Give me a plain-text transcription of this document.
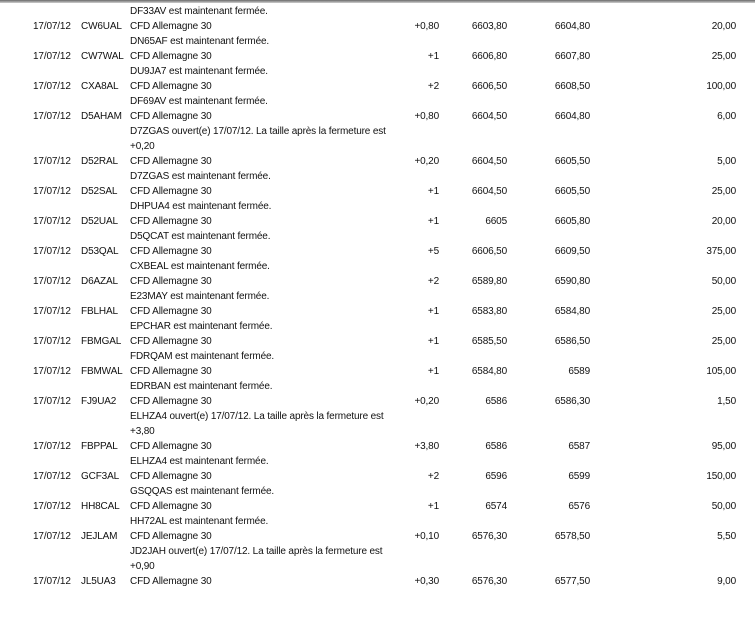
DF33AV est maintenant fermée.
17/07/12 CW6UAL CFD Allemagne 30	+0,80	6603,80	6604,80	20,00
DN65AF est maintenant fermée.
17/07/12 CW7WAL CFD Allemagne 30	+1	6606,80	6607,80	25,00
DU9JA7 est maintenant fermée.
17/07/12 CXA8AL CFD Allemagne 30	+2	6606,50	6608,50	100,00
DF69AV est maintenant fermée.
17/07/12 D5AHAM CFD Allemagne 30	+0,80	6604,50	6604,80	6,00
D7ZGAS ouvert(e) 17/07/12. La taille après la fermeture est
+0,20
17/07/12 D52RAL CFD Allemagne 30	+0,20	6604,50	6605,50	5,00
D7ZGAS est maintenant fermée.
17/07/12 D52SAL CFD Allemagne 30	+1	6604,50	6605,50	25,00
DHPUA4 est maintenant fermée.
17/07/12 D52UAL CFD Allemagne 30	+1	6605	6605,80	20,00
D5QCAT est maintenant fermée.
17/07/12 D53QAL CFD Allemagne 30	+5	6606,50	6609,50	375,00
CXBEAL est maintenant fermée.
17/07/12 D6AZAL CFD Allemagne 30	+2	6589,80	6590,80	50,00
E23MAY est maintenant fermée.
17/07/12 FBLHAL CFD Allemagne 30	+1	6583,80	6584,80	25,00
EPCHAR est maintenant fermée.
17/07/12 FBMGAL CFD Allemagne 30	+1	6585,50	6586,50	25,00
FDRQAM est maintenant fermée.
17/07/12 FBMWAL CFD Allemagne 30	+1	6584,80	6589	105,00
EDRBAN est maintenant fermée.
17/07/12 FJ9UA2 CFD Allemagne 30	+0,20	6586	6586,30	1,50
ELHZA4 ouvert(e) 17/07/12. La taille après la fermeture est
+3,80
17/07/12 FBPPAL CFD Allemagne 30	+3,80	6586	6587	95,00
ELHZA4 est maintenant fermée.
17/07/12 GCF3AL CFD Allemagne 30	+2	6596	6599	150,00
GSQQAS est maintenant fermée.
17/07/12 HH8CAL CFD Allemagne 30	+1	6574	6576	50,00
HH72AL est maintenant fermée.
17/07/12 JEJLAM CFD Allemagne 30	+0,10	6576,30	6578,50	5,50
JD2JAH ouvert(e) 17/07/12. La taille après la fermeture est
+0,90
17/07/12 JL5UA3 CFD Allemagne 30	+0,30	6576,30	6577,50	9,00
